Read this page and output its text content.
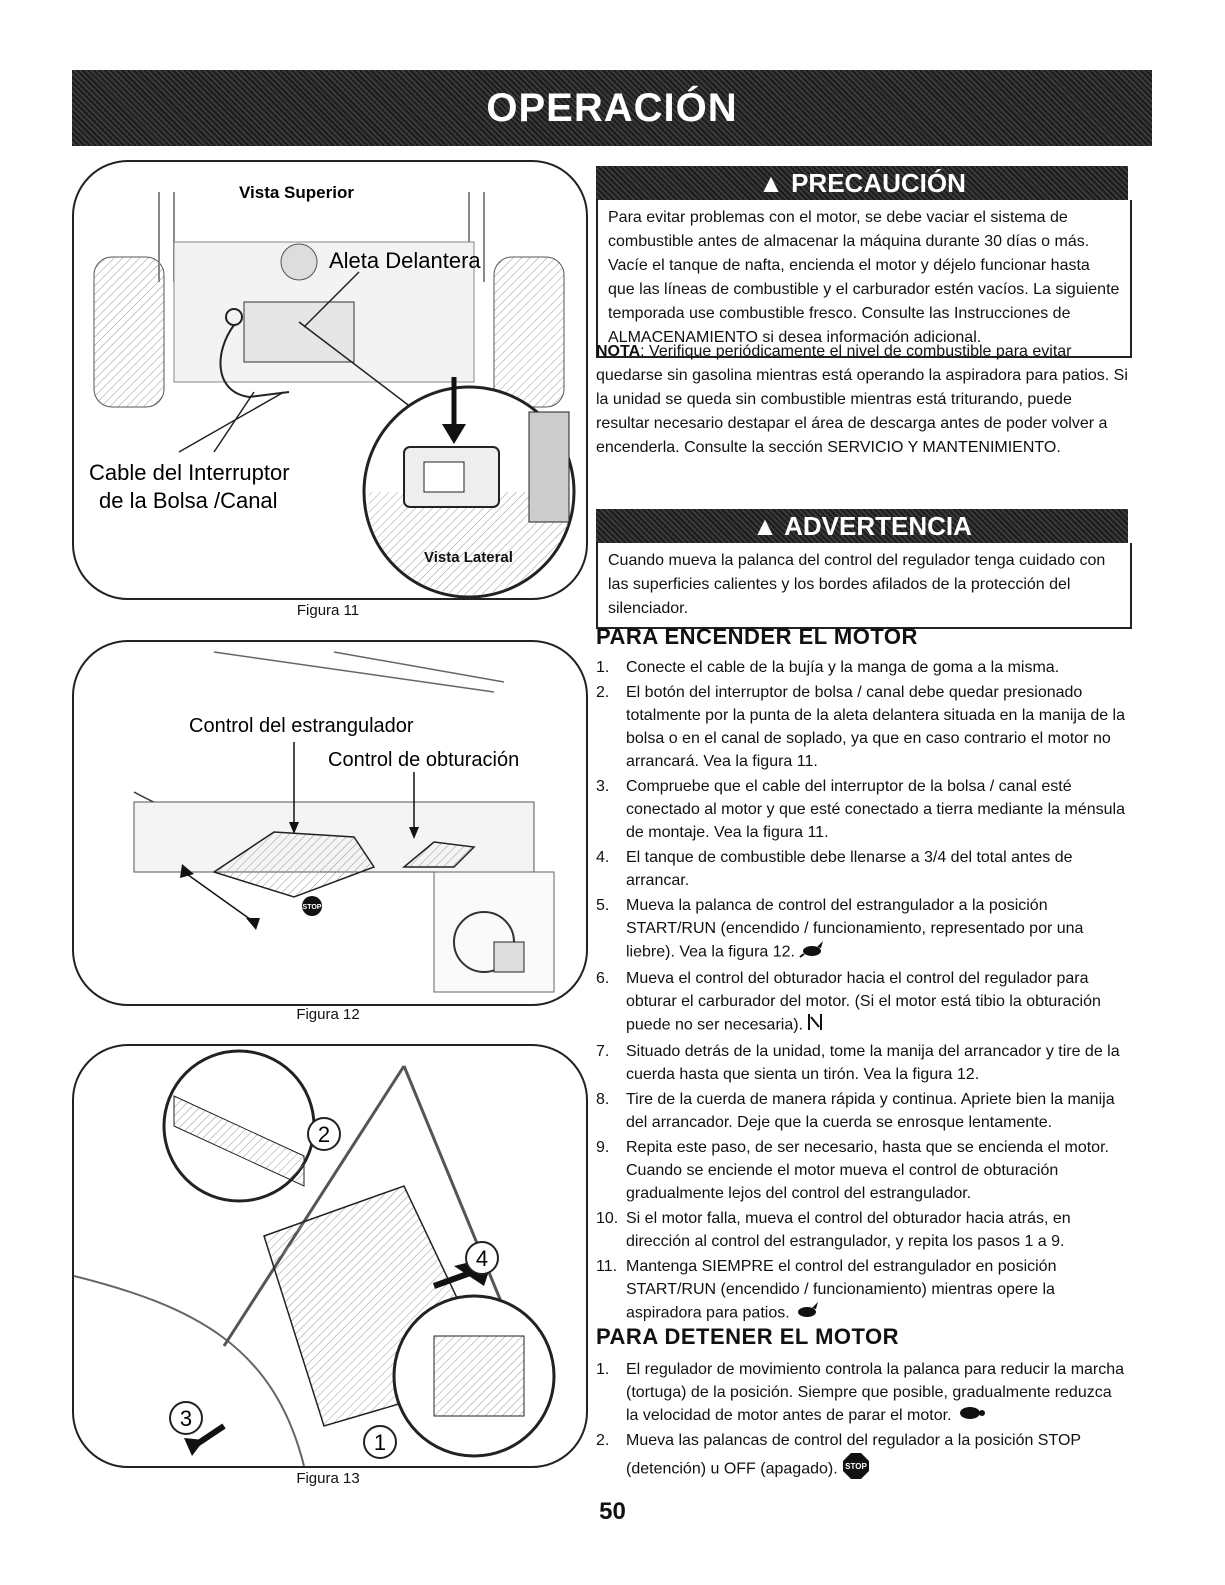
OPERACIÓN
Vista Superior
Aleta Delantera
Cable del Interruptor
de la Bolsa /Canal
Vista Lateral
Figura 11
STOP
Control del estrangulador
Control de obturación
Figura 12
2
4
3
1
Figura 13
▲ PRECAUCIÓN
Para evitar problemas con el motor, se debe vaciar el sistema de combustible antes de almacenar la máquina durante 30 días o más. Vacíe el tanque de nafta, encienda el motor y déjelo funcionar hasta que las líneas de combustible y el carburador estén vacíos. La siguiente temporada use combustible fresco. Consulte las Instrucciones de ALMACENAMIENTO si desea información adicional.
NOTA: Verifique periódicamente el nivel de combustible para evitar quedarse sin gasolina mientras está operando la aspiradora para patios. Si la unidad se queda sin combustible mientras está triturando, puede resultar necesario destapar el área de descarga antes de poder volver a encenderla. Consulte la sección SERVICIO Y MANTENIMIENTO.
▲ ADVERTENCIA
Cuando mueva la palanca del control del regulador tenga cuidado con las superficies calientes y los bordes afilados de la protección del silenciador.
PARA ENCENDER EL MOTOR
1. Conecte el cable de la bujía y la manga de goma a la misma.
2. El botón del interruptor de bolsa / canal debe quedar presionado totalmente por la punta de la aleta delantera situada en la manija de la bolsa o en el canal de soplado, ya que en caso contrario el motor no arrancará. Vea la figura 11.
3. Compruebe que el cable del interruptor de la bolsa / canal esté conectado al motor y que esté conectado a tierra mediante la ménsula de montaje. Vea la figura 11.
4. El tanque de combustible debe llenarse a 3/4 del total antes de arrancar.
5. Mueva la palanca de control del estrangulador a la posición START/RUN (encendido / funcionamiento, representado por una liebre). Vea la figura 12.
6. Mueva el control del obturador hacia el control del regulador para obturar el carburador del motor. (Si el motor está tibio la obturación puede no ser necesaria).
7. Situado detrás de la unidad, tome la manija del arrancador y tire de la cuerda hasta que sienta un tirón. Vea la figura 12.
8. Tire de la cuerda de manera rápida y continua. Apriete bien la manija del arrancador. Deje que la cuerda se enrosque lentamente.
9. Repita este paso, de ser necesario, hasta que se encienda el motor. Cuando se enciende el motor mueva el control de obturación gradualmente lejos del control del estrangulador.
10. Si el motor falla, mueva el control del obturador hacia atrás, en dirección al control del estrangulador, y repita los pasos 1 a 9.
11. Mantenga SIEMPRE el control del estrangulador en posición START/RUN (encendido / funcionamiento) mientras opere la aspiradora para patios.
PARA DETENER EL MOTOR
1. El regulador de movimiento controla la palanca para reducir la marcha (tortuga) de la posición. Siempre que posible, gradualmente reduzca la velocidad de motor antes de parar el motor.
2. Mueva las palancas de control del regulador a la posición STOP (detención) u OFF (apagado). STOP
50
